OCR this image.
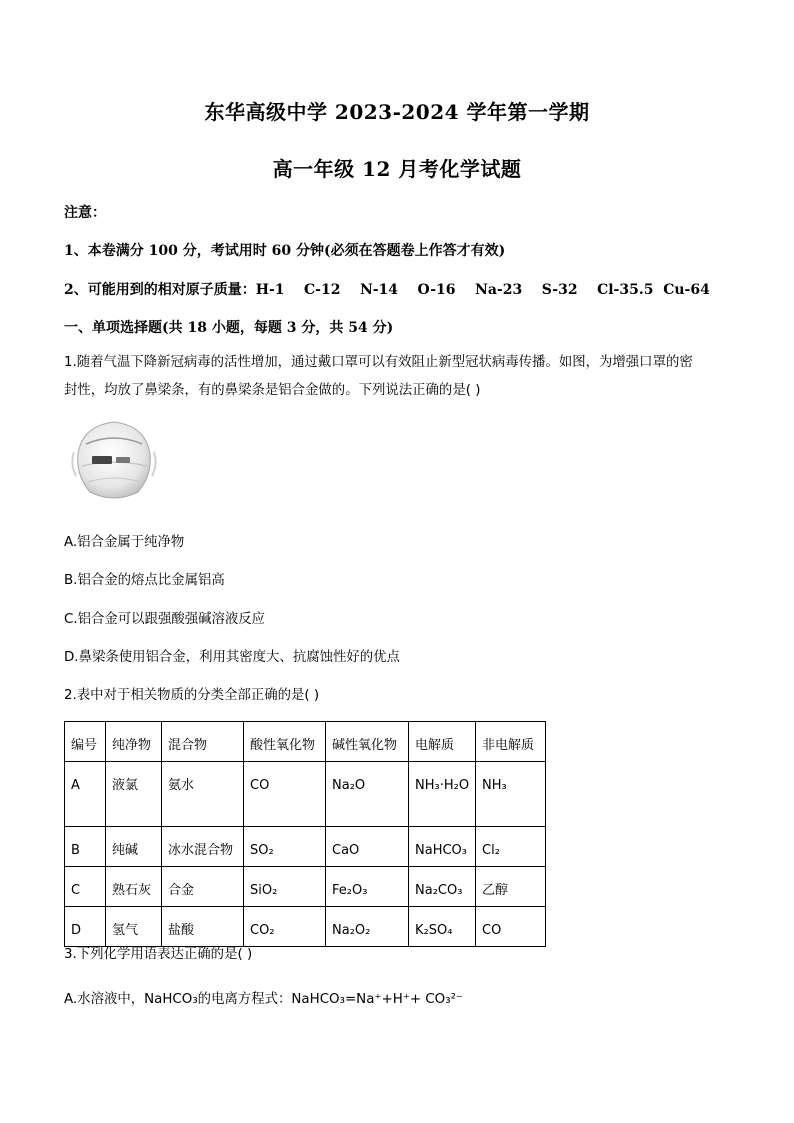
东华高级中学 2023-2024 学年第一学期
高一年级 12 月考化学试题
注意：
1、本卷满分 100 分，考试用时 60 分钟(必须在答题卷上作答才有效)
2、可能用到的相对原子质量：H-1    C-12    N-14    O-16    Na-23    S-32    Cl-35.5  Cu-64
一、单项选择题(共 18 小题，每题 3 分，共 54 分)
1.随着气温下降新冠病毒的活性增加，通过戴口罩可以有效阻止新型冠状病毒传播。如图，为增强口罩的密
封性，均放了鼻梁条，有的鼻梁条是铝合金做的。下列说法正确的是( )
A.铝合金属于纯净物
B.铝合金的熔点比金属铝高
C.铝合金可以跟强酸强碱溶液反应
D.鼻梁条使用铝合金，利用其密度大、抗腐蚀性好的优点
2.表中对于相关物质的分类全部正确的是( )
编号	纯净物	混合物	酸性氧化物	碱性氧化物	电解质	非电解质
A	液氯	氨水	CO	Na₂O	NH₃·H₂O	NH₃
B	纯碱	冰水混合物	SO₂	CaO	NaHCO₃	Cl₂
C	熟石灰	合金	SiO₂	Fe₂O₃	Na₂CO₃	乙醇
D	氢气	盐酸	CO₂	Na₂O₂	K₂SO₄	CO
3.下列化学用语表达正确的是( )
A.水溶液中，NaHCO₃的电离方程式：NaHCO₃=Na⁺+H⁺+ CO₃²⁻
